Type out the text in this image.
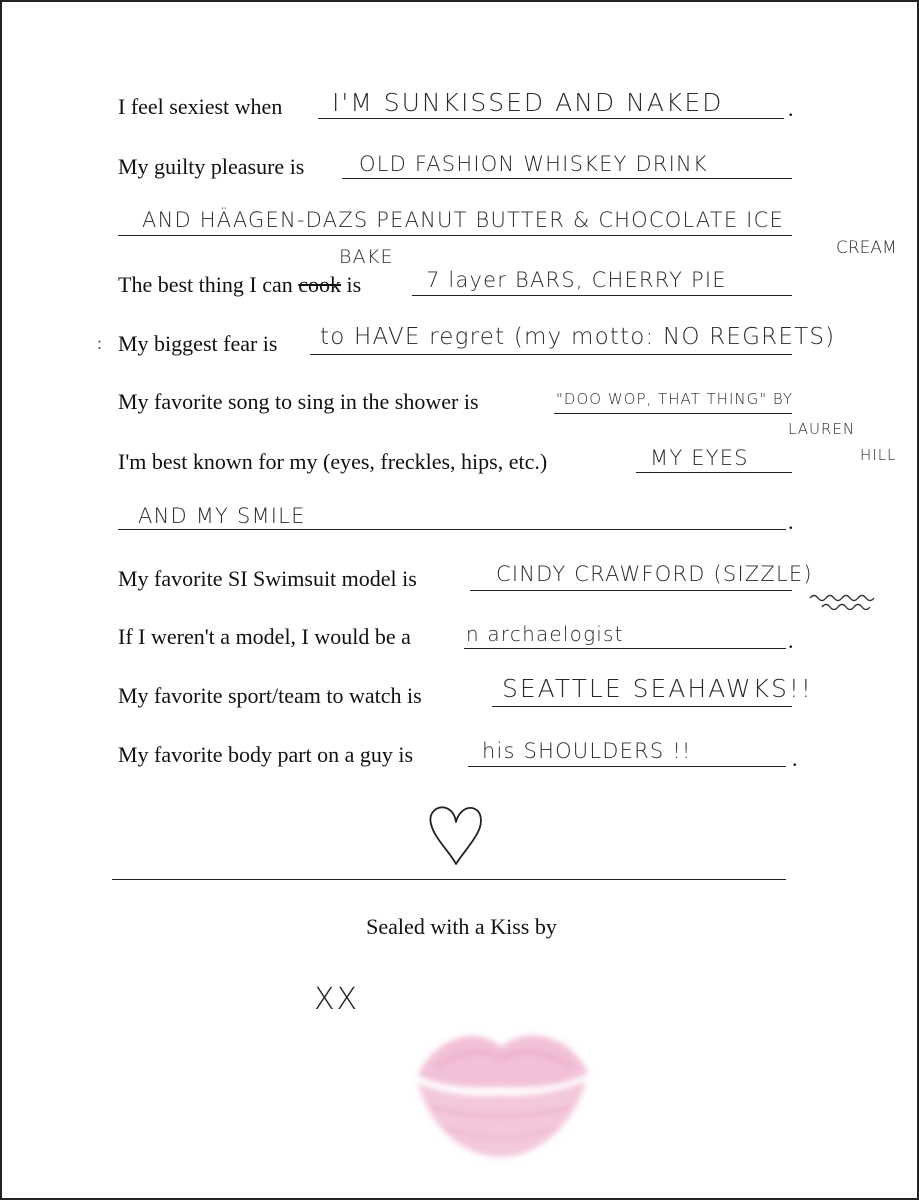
I feel sexiest when I'M SUNKISSED AND NAKED	.
My guilty pleasure is	OLD FASHION WHISKEY DRINK
AND HÄAGEN-DAZS PEANUT BUTTER & CHOCOLATE ICE
CREAM
BAKE
The best thing I can cook is	7 layer BARS, CHERRY PIE
: My biggest fear is to HAVE regret (my motto: NO REGRETS)
My favorite song to sing in the shower is	"DOO WOP, THAT THING" BY
LAUREN
HILL
I'm best known for my (eyes, freckles, hips, etc.)	MY EYES
AND MY SMILE	.
My favorite SI Swimsuit model is	CINDY CRAWFORD (SIZZLE)
If I weren't a model, I would be a	n archaelogist	.
My favorite sport/team to watch is	SEATTLE SEAHAWKS!!
My favorite body part on a guy is	his SHOULDERS !!	.
Sealed with a Kiss by
XX
